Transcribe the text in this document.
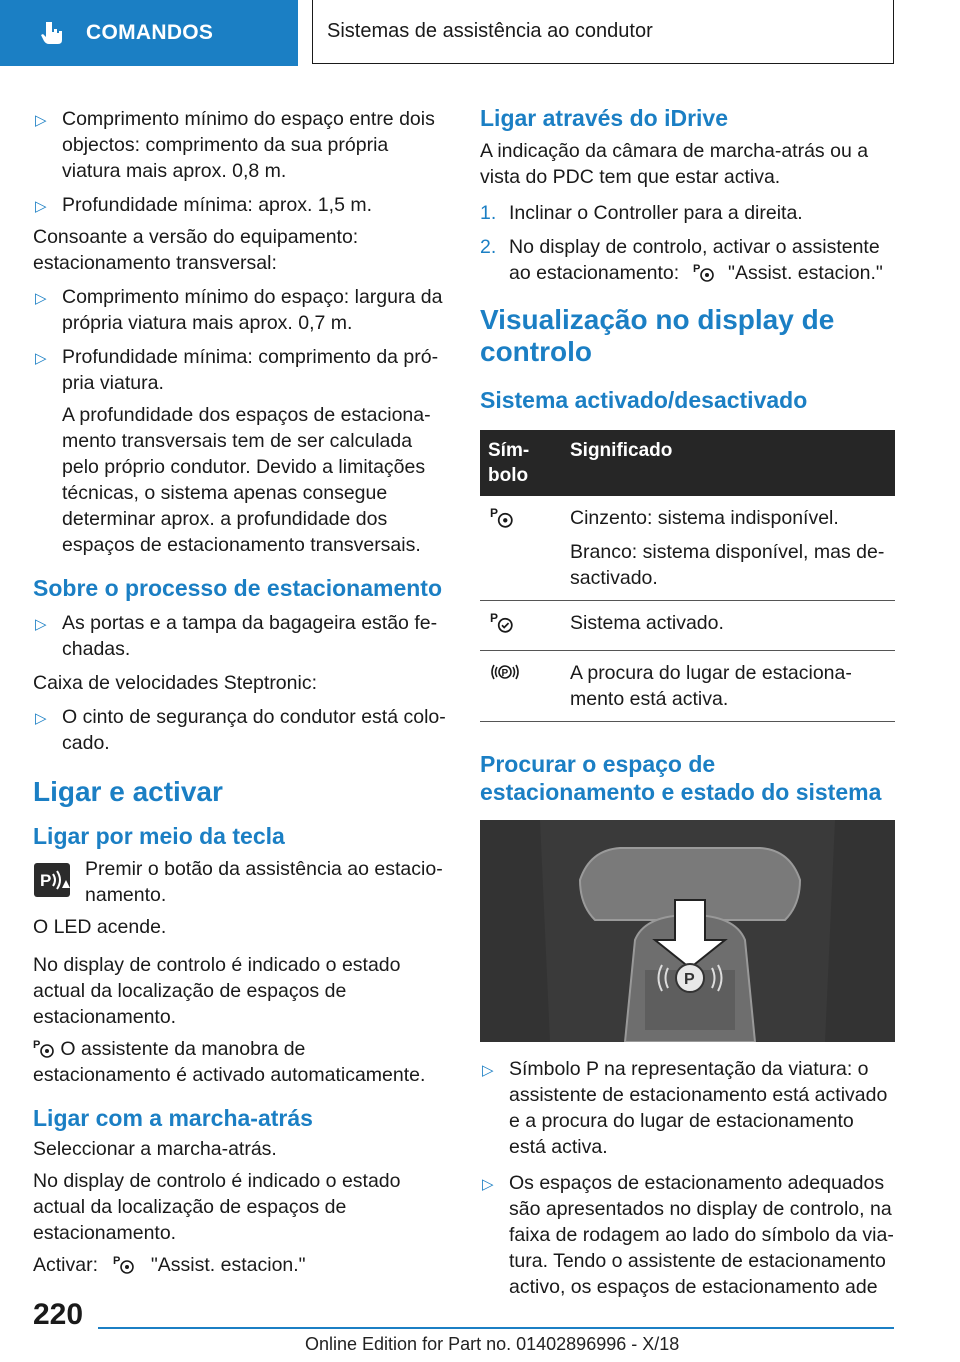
COMANDOS	Sistemas de assistência ao condutor
▷ Comprimento mínimo do espaço entre dois objectos: comprimento da sua própria viatura mais aprox. 0,8 m.
▷ Profundidade mínima: aprox. 1,5 m.

Consoante a versão do equipamento: estacionamento transversal:

▷ Comprimento mínimo do espaço: largura da própria viatura mais aprox. 0,7 m.
▷ Profundidade mínima: comprimento da própria viatura.

A profundidade dos espaços de estacionamento transversais tem de ser calculada pelo próprio condutor. Devido a limitações técnicas, o sistema apenas consegue determinar aprox. a profundidade dos espaços de estacionamento transversais.

Sobre o processo de estacionamento
▷ As portas e a tampa da bagageira estão fechadas.

Caixa de velocidades Steptronic:

▷ O cinto de segurança do condutor está colocado.
Ligar e activar
Ligar por meio da tecla
P

Premir o botão da assistência ao estacionamento.

O LED acende.

No display de controlo é indicado o estado actual da localização de espaços de estacionamento.

P O assistente da manobra de estacionamento é activado automaticamente.

Ligar com a marcha-atrás

Seleccionar a marcha-atrás.

No display de controlo é indicado o estado actual da localização de espaços de estacionamento.

Activar: P "Assist. estacion."

Ligar através do iDrive

A indicação da câmara de marcha-atrás ou a vista do PDC tem que estar activa.

1. Inclinar o Controller para a direita.
2. No display de controlo, activar o assistente ao estacionamento: P "Assist. estacion."
Visualização no display de controlo
Sistema activado/desactivado
Símbolo	Significado

P	Cinzento: sistema indisponível.
Branco: sistema disponível, mas desactivado.

P	Sistema activado.

P	A procura do lugar de estacionamento está activa.
Procurar o espaço de estacionamento e estado do sistema
P
▷ Símbolo P na representação da viatura: o assistente de estacionamento está activado e a procura do lugar de estacionamento está activa.
▷ Os espaços de estacionamento adequados são apresentados no display de controlo, na faixa de rodagem ao lado do símbolo da viatura. Tendo o assistente de estacionamento activo, os espaços de estacionamento ade
220
Online Edition for Part no. 01402896996 - X/18
